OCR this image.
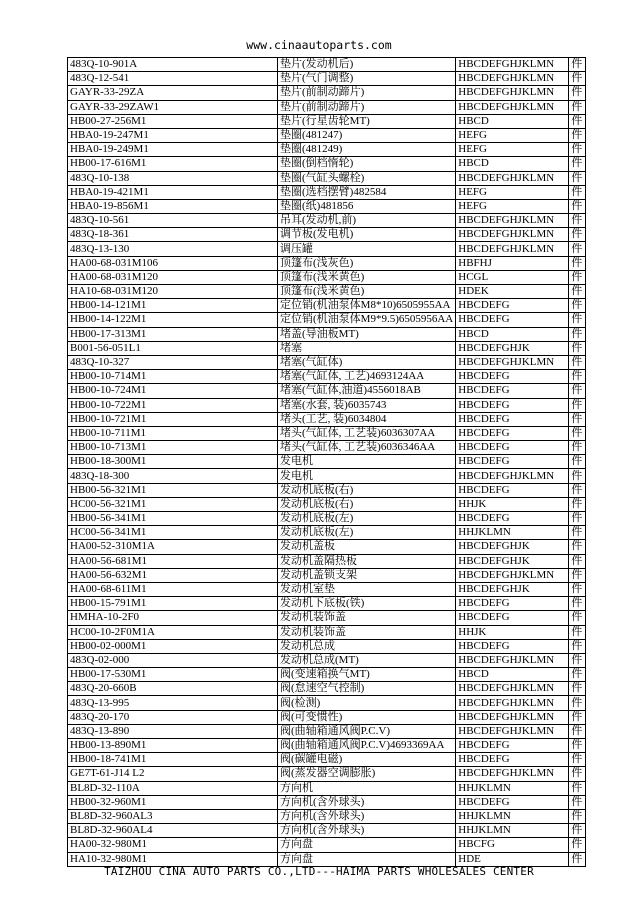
www.cinaautoparts.com
483Q-10-901A	垫片(发动机后)	HBCDEFGHJKLMN	件
483Q-12-541	垫片(气门调整)	HBCDEFGHJKLMN	件
GAYR-33-29ZA	垫片(前制动蹄片)	HBCDEFGHJKLMN	件
GAYR-33-29ZAW1	垫片(前制动蹄片)	HBCDEFGHJKLMN	件
HB00-27-256M1	垫片(行星齿轮MT)	HBCD	件
HBA0-19-247M1	垫圈(481247)	HEFG	件
HBA0-19-249M1	垫圈(481249)	HEFG	件
HB00-17-616M1	垫圈(倒档惰轮)	HBCD	件
483Q-10-138	垫圈(气缸头螺栓)	HBCDEFGHJKLMN	件
HBA0-19-421M1	垫圈(选档摆臂)482584	HEFG	件
HBA0-19-856M1	垫圈(纸)481856	HEFG	件
483Q-10-561	吊耳(发动机,前)	HBCDEFGHJKLMN	件
483Q-18-361	调节板(发电机)	HBCDEFGHJKLMN	件
483Q-13-130	调压罐	HBCDEFGHJKLMN	件
HA00-68-031M106	顶篷布(浅灰色)	HBFHJ	件
HA00-68-031M120	顶篷布(浅米黄色)	HCGL	件
HA10-68-031M120	顶篷布(浅米黄色)	HDEK	件
HB00-14-121M1	定位销(机油泵体M8*10)6505955AA	HBCDEFG	件
HB00-14-122M1	定位销(机油泵体M9*9.5)6505956AA	HBCDEFG	件
HB00-17-313M1	堵盖(导油板MT)	HBCD	件
B001-56-051L1	堵塞	HBCDEFGHJK	件
483Q-10-327	堵塞(气缸体)	HBCDEFGHJKLMN	件
HB00-10-714M1	堵塞(气缸体, 工艺)4693124AA	HBCDEFG	件
HB00-10-724M1	堵塞(气缸体,油道)4556018AB	HBCDEFG	件
HB00-10-722M1	堵塞(水套, 装)6035743	HBCDEFG	件
HB00-10-721M1	堵头(工艺, 装)6034804	HBCDEFG	件
HB00-10-711M1	堵头(气缸体, 工艺装)6036307AA	HBCDEFG	件
HB00-10-713M1	堵头(气缸体, 工艺装)6036346AA	HBCDEFG	件
HB00-18-300M1	发电机	HBCDEFG	件
483Q-18-300	发电机	HBCDEFGHJKLMN	件
HB00-56-321M1	发动机底板(右)	HBCDEFG	件
HC00-56-321M1	发动机底板(右)	HHJK	件
HB00-56-341M1	发动机底板(左)	HBCDEFG	件
HC00-56-341M1	发动机底板(左)	HHJKLMN	件
HA00-52-310M1A	发动机盖板	HBCDEFGHJK	件
HA00-56-681M1	发动机盖隔热板	HBCDEFGHJK	件
HA00-56-632M1	发动机盖锁支架	HBCDEFGHJKLMN	件
HA00-68-611M1	发动机室垫	HBCDEFGHJK	件
HB00-15-791M1	发动机下底板(铁)	HBCDEFG	件
HMHA-10-2F0	发动机装饰盖	HBCDEFG	件
HC00-10-2F0M1A	发动机装饰盖	HHJK	件
HB00-02-000M1	发动机总成	HBCDEFG	件
483Q-02-000	发动机总成(MT)	HBCDEFGHJKLMN	件
HB00-17-530M1	阀(变速箱换气MT)	HBCD	件
483Q-20-660B	阀(怠速空气控制)	HBCDEFGHJKLMN	件
483Q-13-995	阀(检测)	HBCDEFGHJKLMN	件
483Q-20-170	阀(可变惯性)	HBCDEFGHJKLMN	件
483Q-13-890	阀(曲轴箱通风阀P.C.V)	HBCDEFGHJKLMN	件
HB00-13-890M1	阀(曲轴箱通风阀P.C.V)4693369AA	HBCDEFG	件
HB00-18-741M1	阀(碳罐电磁)	HBCDEFG	件
GE7T-61-J14 L2	阀(蒸发器空调膨胀)	HBCDEFGHJKLMN	件
BL8D-32-110A	方向机	HHJKLMN	件
HB00-32-960M1	方向机(含外球头)	HBCDEFG	件
BL8D-32-960AL3	方向机(含外球头)	HHJKLMN	件
BL8D-32-960AL4	方向机(含外球头)	HHJKLMN	件
HA00-32-980M1	方向盘	HBCFG	件
HA10-32-980M1	方向盘	HDE	件
TAIZHOU CINA AUTO PARTS CO.,LTD---HAIMA PARTS WHOLESALES CENTER
